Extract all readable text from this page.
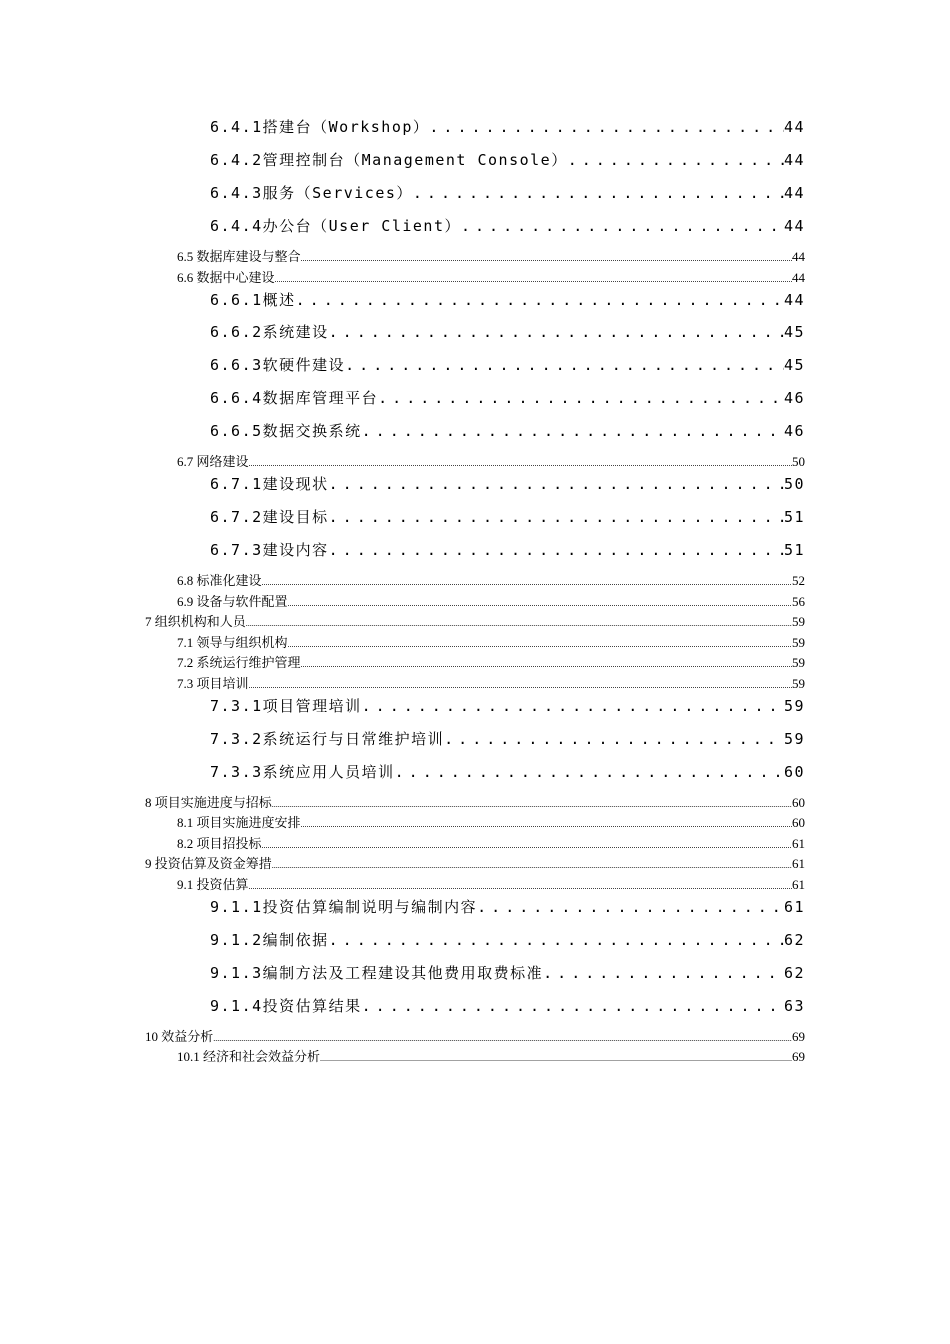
6.4.1搭建台（Workshop） .....	44
6.4.2管理控制台（Management Console） .....	44
6.4.3服务（Services） .....	44
6.4.4办公台（User Client） .....	44
6.5 数据库建设与整合 .....	44
6.6 数据中心建设 .....	44
6.6.1概述 .....	44
6.6.2系统建设 .....	45
6.6.3软硬件建设 .....	45
6.6.4数据库管理平台 .....	46
6.6.5数据交换系统 .....	46
6.7 网络建设 .....	50
6.7.1建设现状 .....	50
6.7.2建设目标 .....	51
6.7.3建设内容 .....	51
6.8 标准化建设 .....	52
6.9 设备与软件配置 .....	56
7 组织机构和人员 .....	59
7.1 领导与组织机构 .....	59
7.2 系统运行维护管理 .....	59
7.3 项目培训 .....	59
7.3.1项目管理培训 .....	59
7.3.2系统运行与日常维护培训 .....	59
7.3.3系统应用人员培训 .....	60
8 项目实施进度与招标 .....	60
8.1 项目实施进度安排 .....	60
8.2 项目招投标 .....	61
9 投资估算及资金筹措 .....	61
9.1 投资估算 .....	61
9.1.1投资估算编制说明与编制内容 .....	61
9.1.2编制依据 .....	62
9.1.3编制方法及工程建设其他费用取费标准 .....	62
9.1.4投资估算结果 .....	63
10 效益分析 .....	69
10.1 经济和社会效益分析 .....	69
